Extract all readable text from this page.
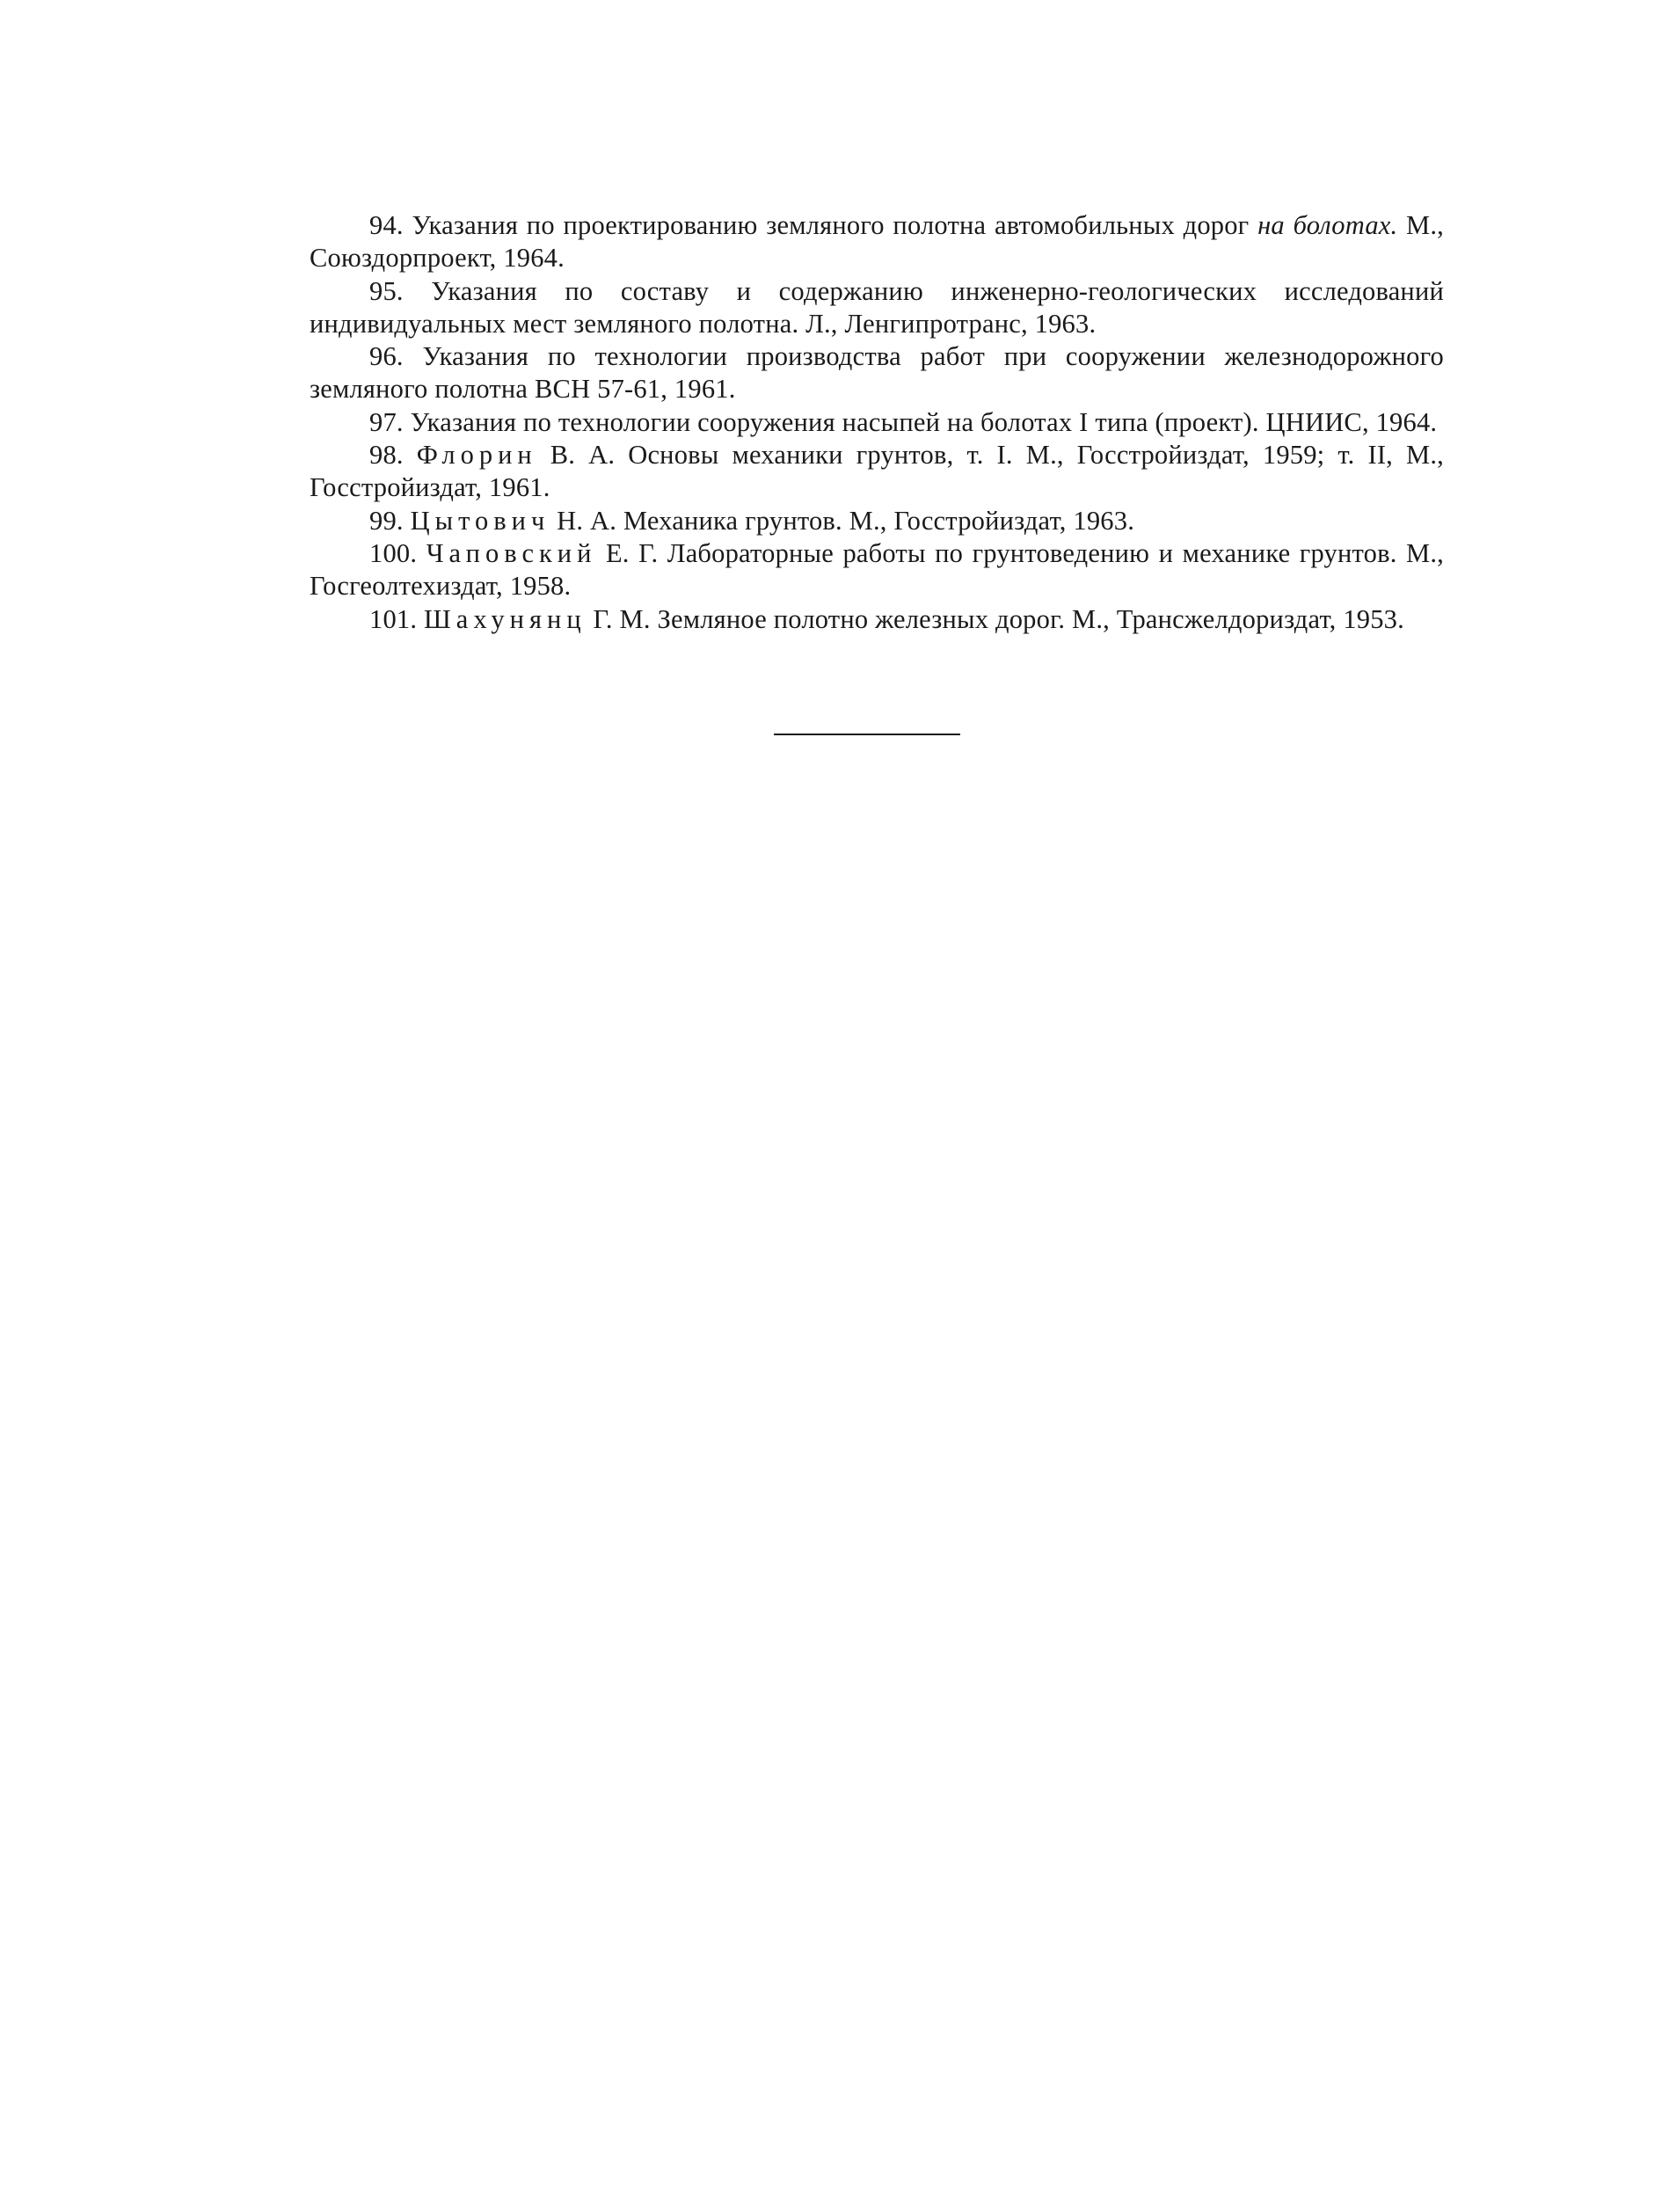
94. Указания по проектированию земляного полотна автомобильных дорог на болотах. М., Союздорпроект, 1964.
95. Указания по составу и содержанию инженерно-геологических исследований индивидуальных мест земляного полотна. Л., Ленгипротранс, 1963.
96. Указания по технологии производства работ при сооружении железнодорожного земляного полотна ВСН 57-61, 1961.
97. Указания по технологии сооружения насыпей на болотах I типа (проект). ЦНИИС, 1964.
98. Флорин В. А. Основы механики грунтов, т. I. М., Госстройиздат, 1959; т. II, М., Госстройиздат, 1961.
99. Цытович Н. А. Механика грунтов. М., Госстройиздат, 1963.
100. Чаповский Е. Г. Лабораторные работы по грунтоведению и механике грунтов. М., Госгеолтехиздат, 1958.
101. Шахунянц Г. М. Земляное полотно железных дорог. М., Трансжелдориздат, 1953.
